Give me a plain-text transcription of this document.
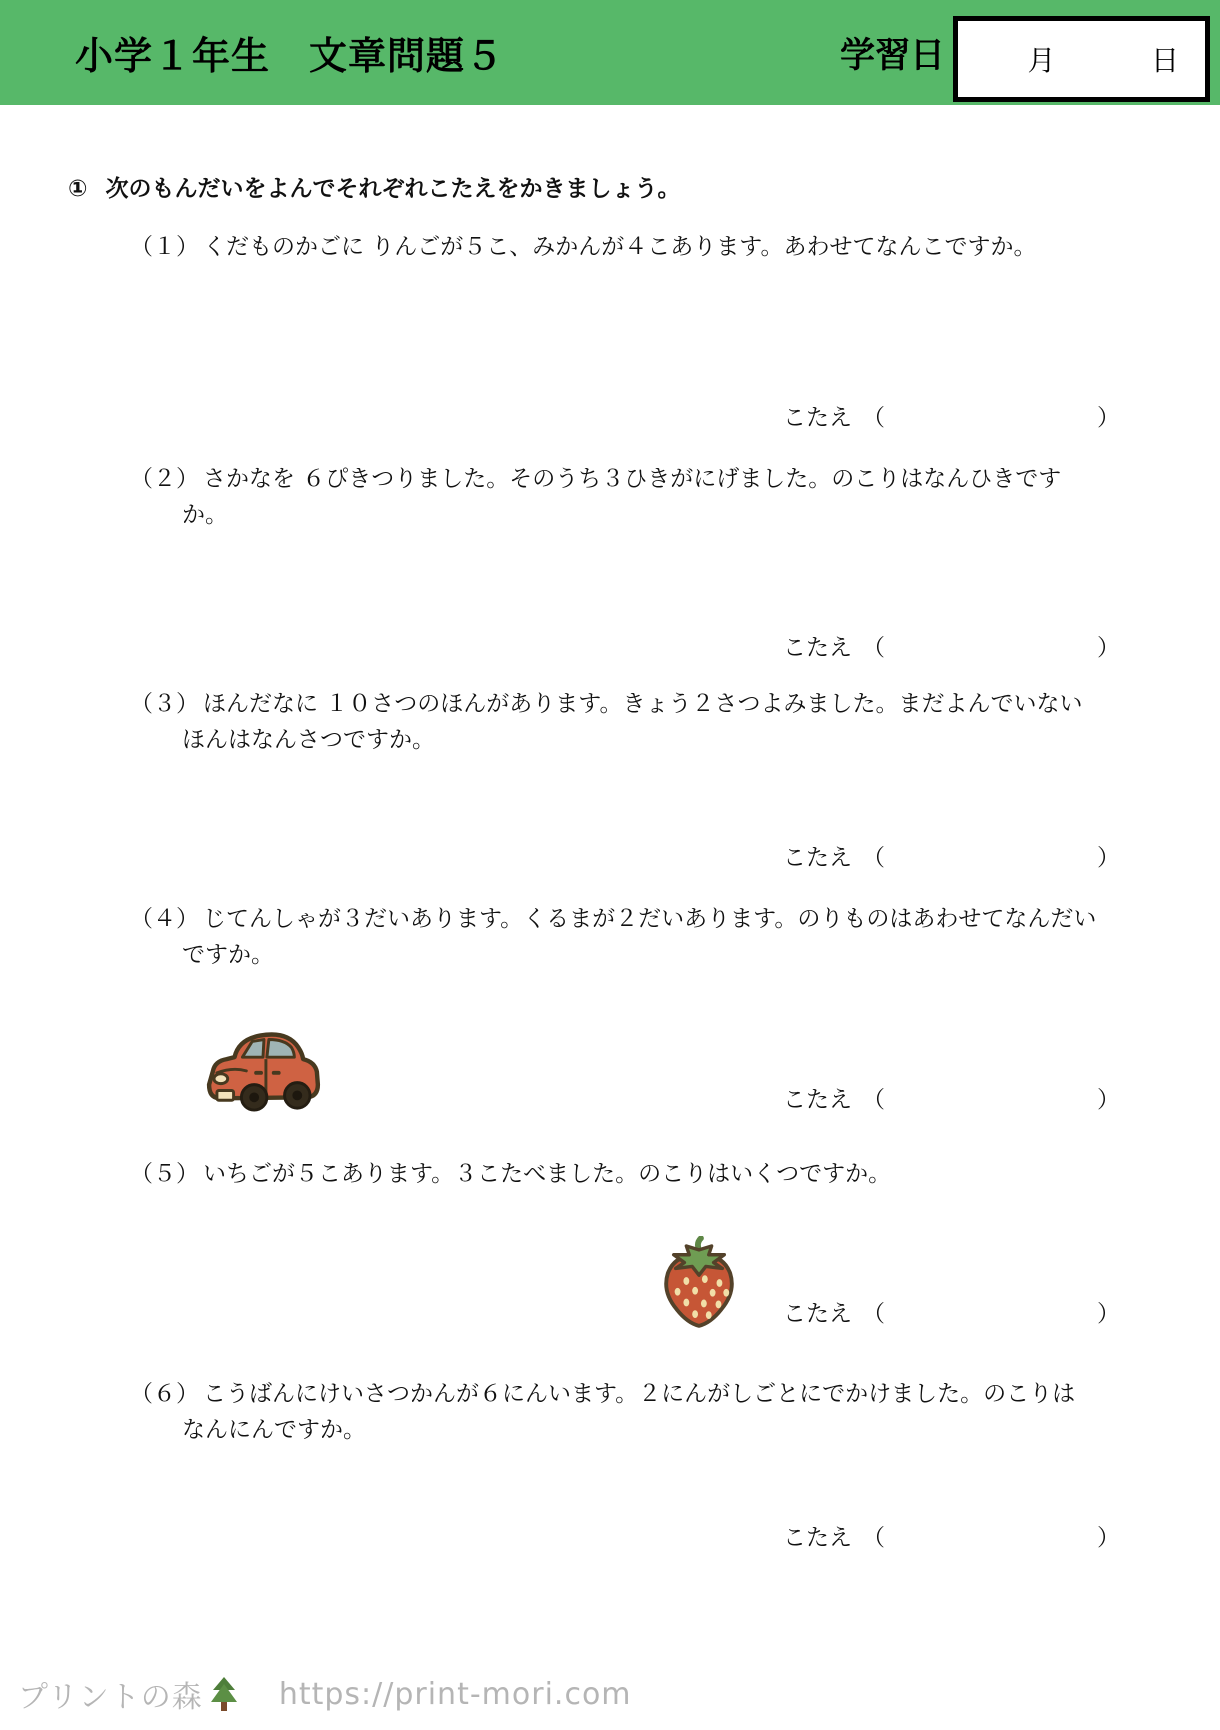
小学１年生　文章問題５	学習日	月	日
① 次のもんだいをよんでそれぞれこたえをかきましょう。
（１） くだものかごに りんごが５こ、みかんが４こあります。あわせてなんこですか。
（２） さかなを ６ぴきつりました。そのうち３ひきがにげました。のこりはなんひきですか。
（３） ほんだなに １０さつのほんがあります。きょう２さつよみました。まだよんでいないほんはなんさつですか。
（４） じてんしゃが３だいあります。くるまが２だいあります。のりものはあわせてなんだいですか。
（５） いちごが５こあります。３こたべました。のこりはいくつですか。
（６） こうばんにけいさつかんが６にんいます。２にんがしごとにでかけました。のこりはなんにんですか。
こたえ （	）
こたえ （	）
こたえ （	）
こたえ （	）
こたえ （	）
こたえ （	）
プリントの森	https://print-mori.com
